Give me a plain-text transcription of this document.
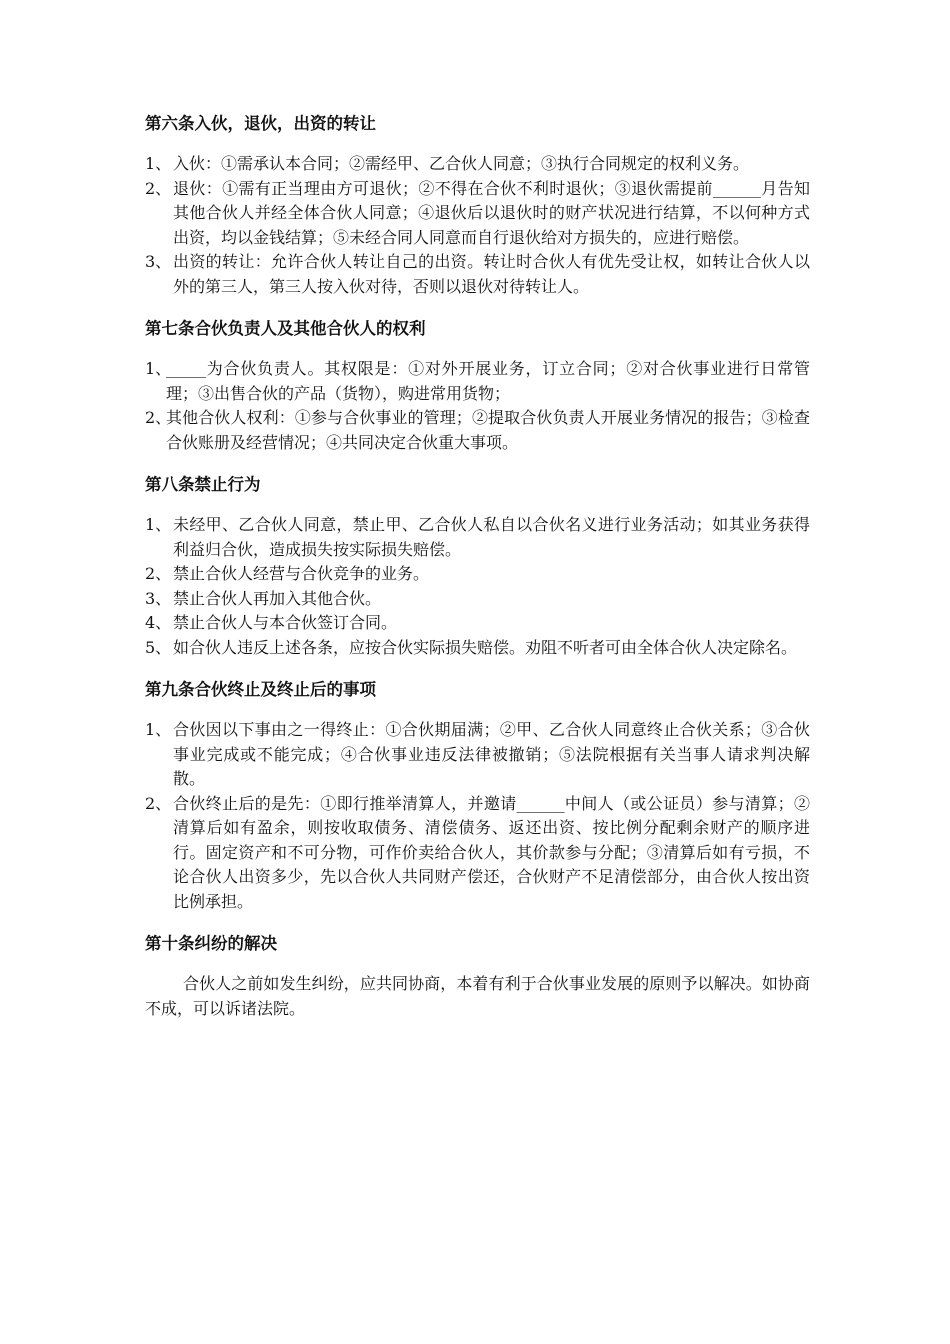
第六条入伙，退伙，出资的转让

1、 入伙：①需承认本合同；②需经甲、乙合伙人同意；③执行合同规定的权利义务。
2、 退伙：①需有正当理由方可退伙；②不得在合伙不利时退伙；③退伙需提前______月告知其他合伙人并经全体合伙人同意；④退伙后以退伙时的财产状况进行结算，不以何种方式出资，均以金钱结算；⑤未经合同人同意而自行退伙给对方损失的，应进行赔偿。
3、 出资的转让：允许合伙人转让自己的出资。转让时合伙人有优先受让权，如转让合伙人以外的第三人，第三人按入伙对待，否则以退伙对待转让人。

第七条合伙负责人及其他合伙人的权利

1、
_____为合伙负责人。其权限是：①对外开展业务，订立合同；②对合伙事业进行日常管理；③出售合伙的产品（货物），购进常用货物；
2、
其他合伙人权利：①参与合伙事业的管理；②提取合伙负责人开展业务情况的报告；③检查合伙账册及经营情况；④共同决定合伙重大事项。

第八条禁止行为

1、 未经甲、乙合伙人同意，禁止甲、乙合伙人私自以合伙名义进行业务活动；如其业务获得利益归合伙，造成损失按实际损失赔偿。
2、 禁止合伙人经营与合伙竞争的业务。
3、 禁止合伙人再加入其他合伙。
4、 禁止合伙人与本合伙签订合同。
5、 如合伙人违反上述各条，应按合伙实际损失赔偿。劝阻不听者可由全体合伙人决定除名。

第九条合伙终止及终止后的事项

1、 合伙因以下事由之一得终止：①合伙期届满；②甲、乙合伙人同意终止合伙关系；③合伙事业完成或不能完成；④合伙事业违反法律被撤销；⑤法院根据有关当事人请求判决解散。
2、 合伙终止后的是先：①即行推举清算人，并邀请______中间人（或公证员）参与清算；②清算后如有盈余，则按收取债务、清偿债务、返还出资、按比例分配剩余财产的顺序进行。固定资产和不可分物，可作价卖给合伙人，其价款参与分配；③清算后如有亏损，不论合伙人出资多少，先以合伙人共同财产偿还，合伙财产不足清偿部分，由合伙人按出资比例承担。

第十条纠纷的解决

合伙人之前如发生纠纷，应共同协商，本着有利于合伙事业发展的原则予以解决。如协商不成，可以诉诸法院。
